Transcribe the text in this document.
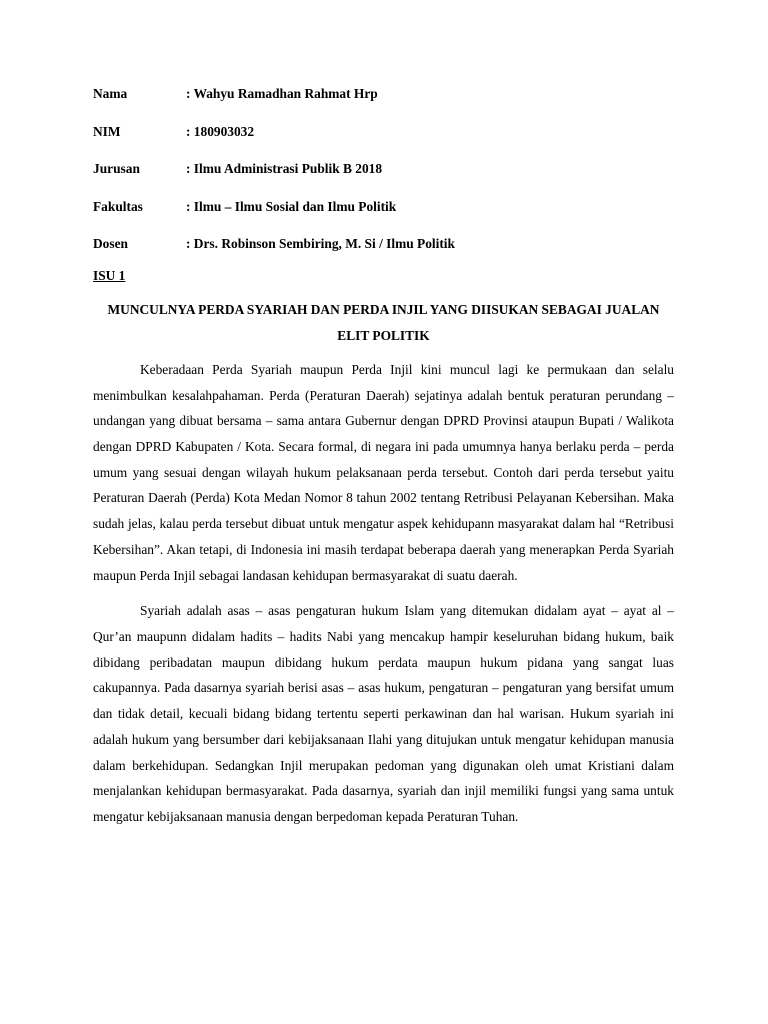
Nama	: Wahyu Ramadhan Rahmat Hrp
NIM	: 180903032
Jurusan	: Ilmu Administrasi Publik B 2018
Fakultas	: Ilmu – Ilmu Sosial dan Ilmu Politik
Dosen	: Drs. Robinson Sembiring, M. Si / Ilmu Politik
ISU 1
MUNCULNYA PERDA SYARIAH DAN PERDA INJIL YANG DIISUKAN SEBAGAI JUALAN ELIT POLITIK

Keberadaan Perda Syariah maupun Perda Injil kini muncul lagi ke permukaan dan selalu menimbulkan kesalahpahaman. Perda (Peraturan Daerah) sejatinya adalah bentuk peraturan perundang – undangan yang dibuat bersama – sama antara Gubernur dengan DPRD Provinsi ataupun Bupati / Walikota dengan DPRD Kabupaten / Kota. Secara formal, di negara ini pada umumnya hanya berlaku perda – perda umum yang sesuai dengan wilayah hukum pelaksanaan perda tersebut. Contoh dari perda tersebut yaitu Peraturan Daerah (Perda) Kota Medan Nomor 8 tahun 2002 tentang Retribusi Pelayanan Kebersihan. Maka sudah jelas, kalau perda tersebut dibuat untuk mengatur aspek kehidupann masyarakat dalam hal “Retribusi Kebersihan”. Akan tetapi, di Indonesia ini masih terdapat beberapa daerah yang menerapkan Perda Syariah maupun Perda Injil sebagai landasan kehidupan bermasyarakat di suatu daerah.

Syariah adalah asas – asas pengaturan hukum Islam yang ditemukan didalam ayat – ayat al – Qur’an maupunn didalam hadits – hadits Nabi yang mencakup hampir keseluruhan bidang hukum, baik dibidang peribadatan maupun dibidang hukum perdata maupun hukum pidana yang sangat luas cakupannya. Pada dasarnya syariah berisi asas – asas hukum, pengaturan – pengaturan yang bersifat umum dan tidak detail, kecuali bidang bidang tertentu seperti perkawinan dan hal warisan. Hukum syariah ini adalah hukum yang bersumber dari kebijaksanaan Ilahi yang ditujukan untuk mengatur kehidupan manusia dalam berkehidupan. Sedangkan Injil merupakan pedoman yang digunakan oleh umat Kristiani dalam menjalankan kehidupan bermasyarakat. Pada dasarnya, syariah dan injil memiliki fungsi yang sama untuk mengatur kebijaksanaan manusia dengan berpedoman kepada Peraturan Tuhan.
